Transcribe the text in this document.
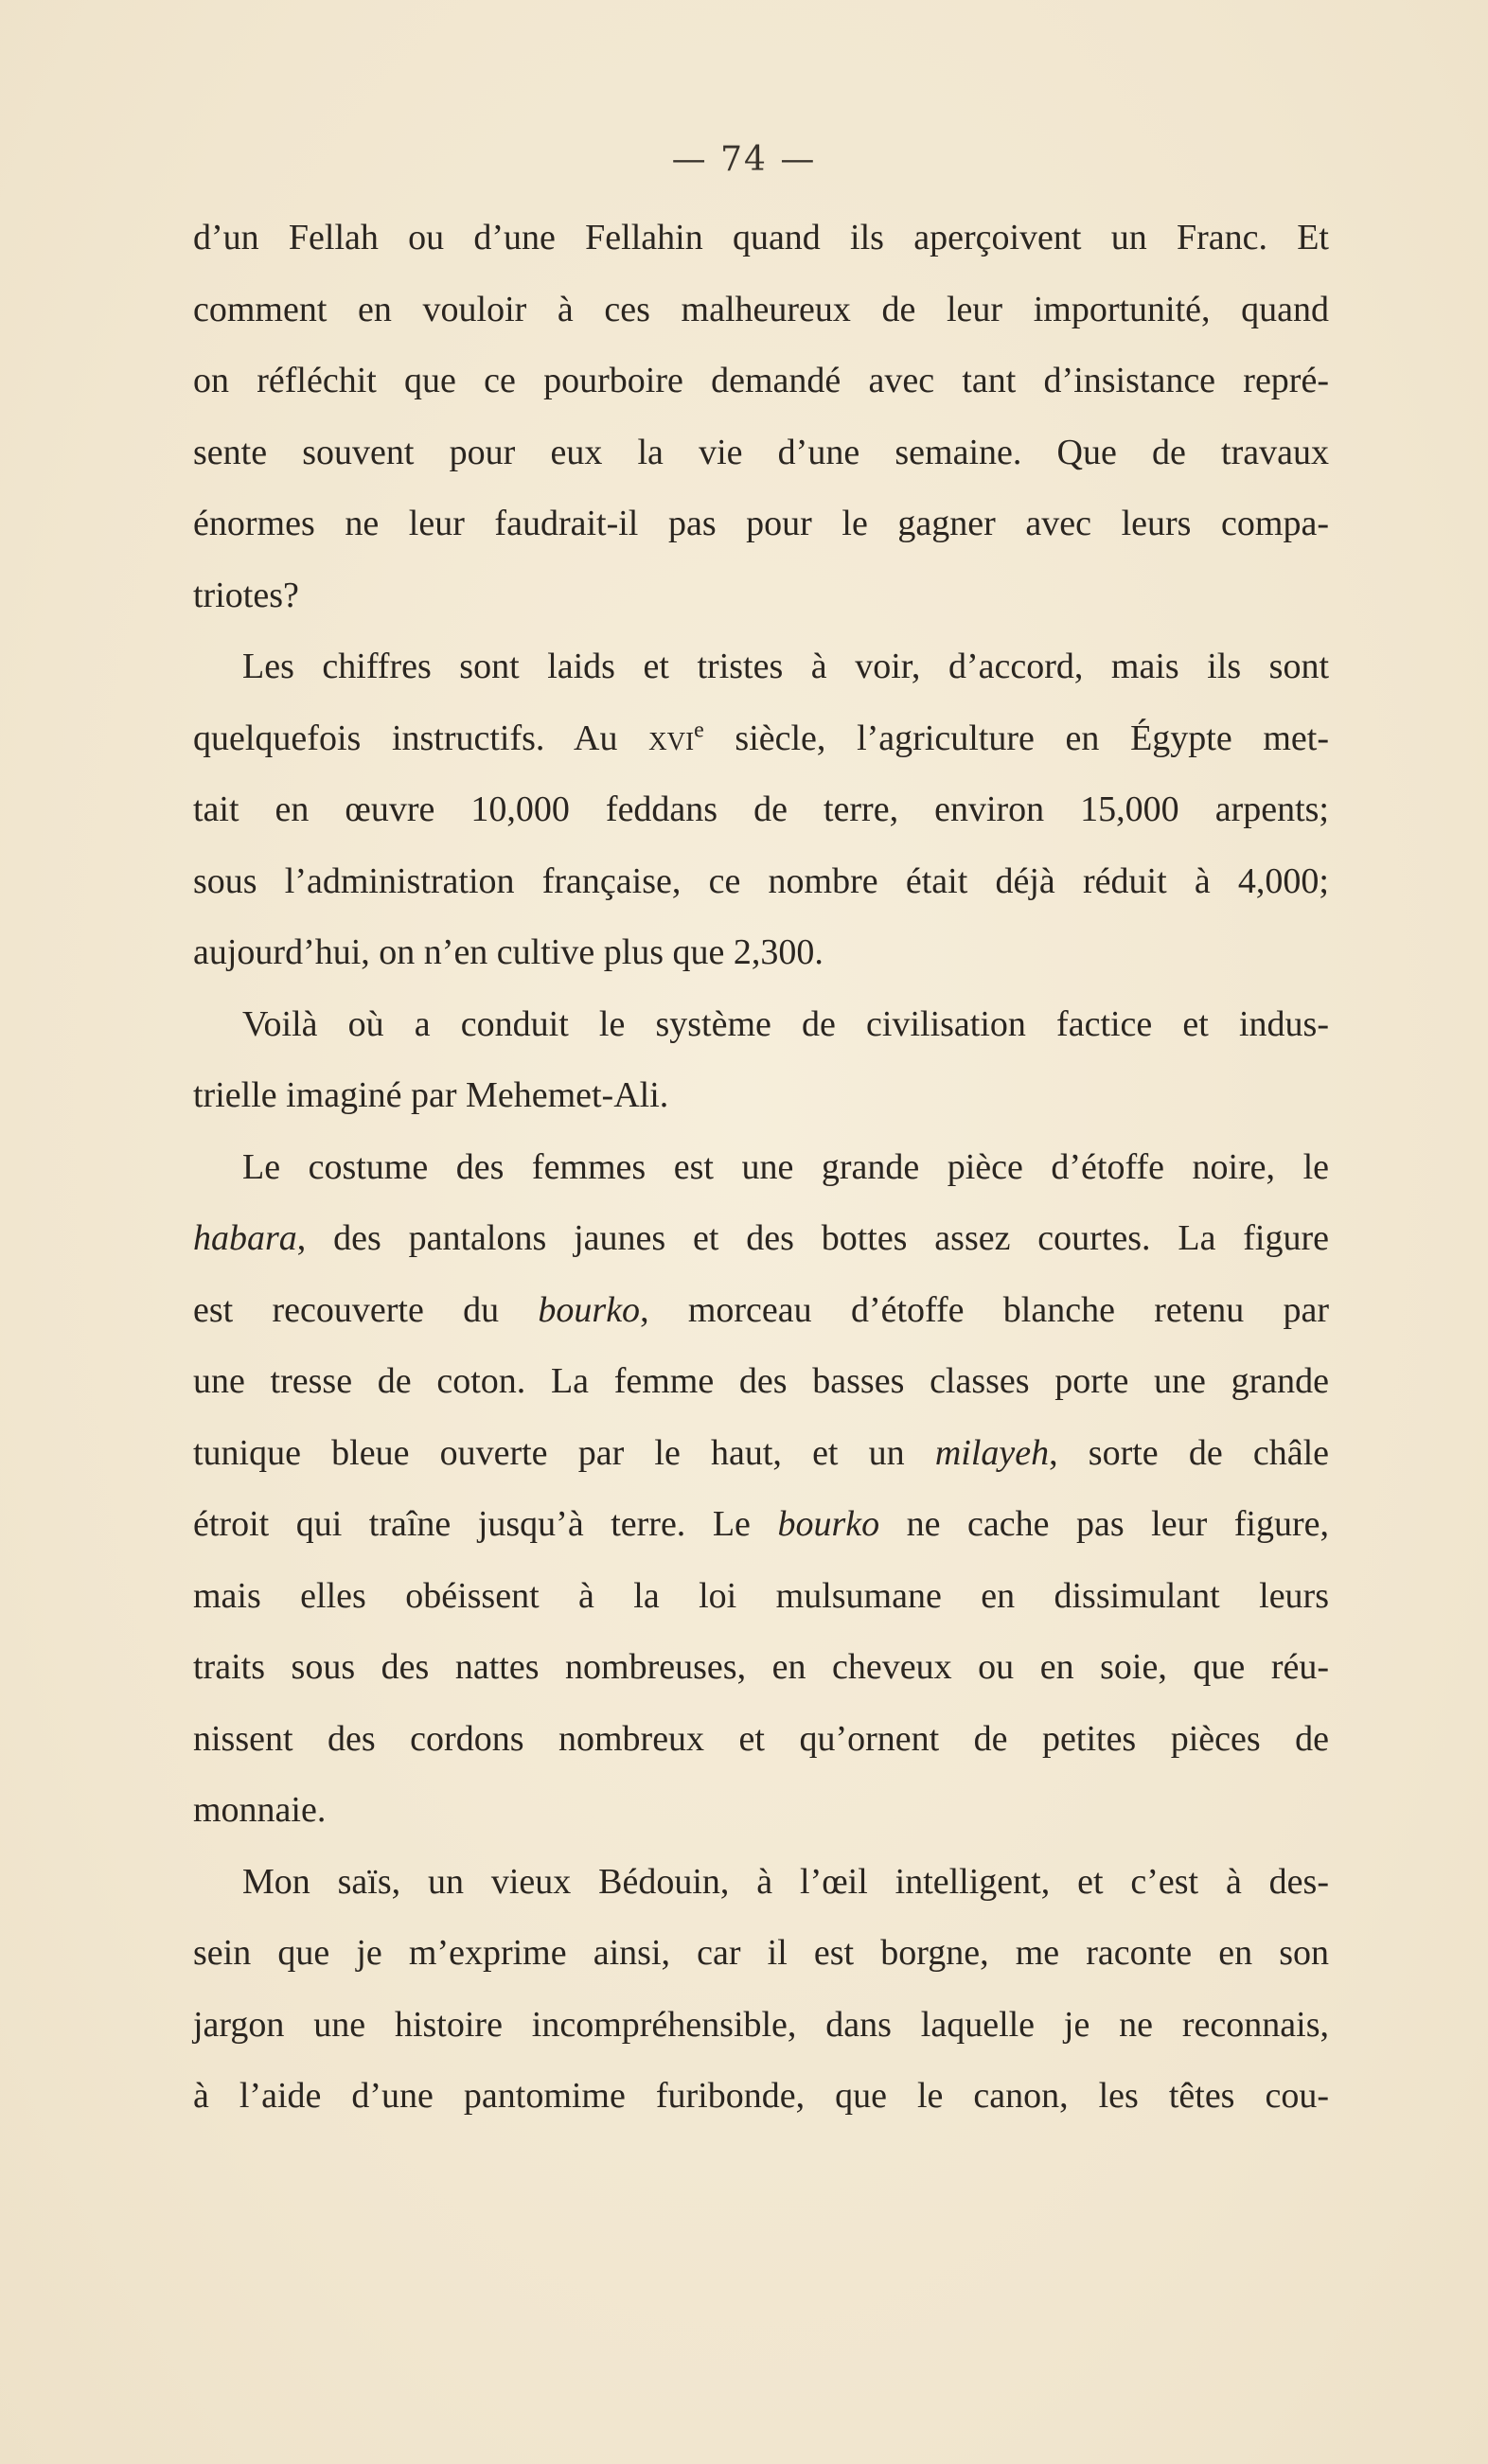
— 74 —
d’un Fellah ou d’une Fellahin quand ils aperçoivent un Franc. Et
comment en vouloir à ces malheureux de leur importunité, quand
on réfléchit que ce pourboire demandé avec tant d’insistance repré-
sente souvent pour eux la vie d’une semaine. Que de travaux
énormes ne leur faudrait-il pas pour le gagner avec leurs compa-
triotes?
Les chiffres sont laids et tristes à voir, d’accord, mais ils sont
quelquefois instructifs. Au xvi$^e$ siècle, l’agriculture en Égypte met-
tait en œuvre 10,000 feddans de terre, environ 15,000 arpents;
sous l’administration française, ce nombre était déjà réduit à 4,000;
aujourd’hui, on n’en cultive plus que 2,300.
Voilà où a conduit le système de civilisation factice et indus-
trielle imaginé par Mehemet-Ali.
Le costume des femmes est une grande pièce d’étoffe noire, le
habara, des pantalons jaunes et des bottes assez courtes. La figure
est recouverte du bourko, morceau d’étoffe blanche retenu par
une tresse de coton. La femme des basses classes porte une grande
tunique bleue ouverte par le haut, et un milayeh, sorte de châle
étroit qui traîne jusqu’à terre. Le bourko ne cache pas leur figure,
mais elles obéissent à la loi mulsumane en dissimulant leurs
traits sous des nattes nombreuses, en cheveux ou en soie, que réu-
nissent des cordons nombreux et qu’ornent de petites pièces de
monnaie.
Mon saïs, un vieux Bédouin, à l’œil intelligent, et c’est à des-
sein que je m’exprime ainsi, car il est borgne, me raconte en son
jargon une histoire incompréhensible, dans laquelle je ne reconnais,
à l’aide d’une pantomime furibonde, que le canon, les têtes cou-
